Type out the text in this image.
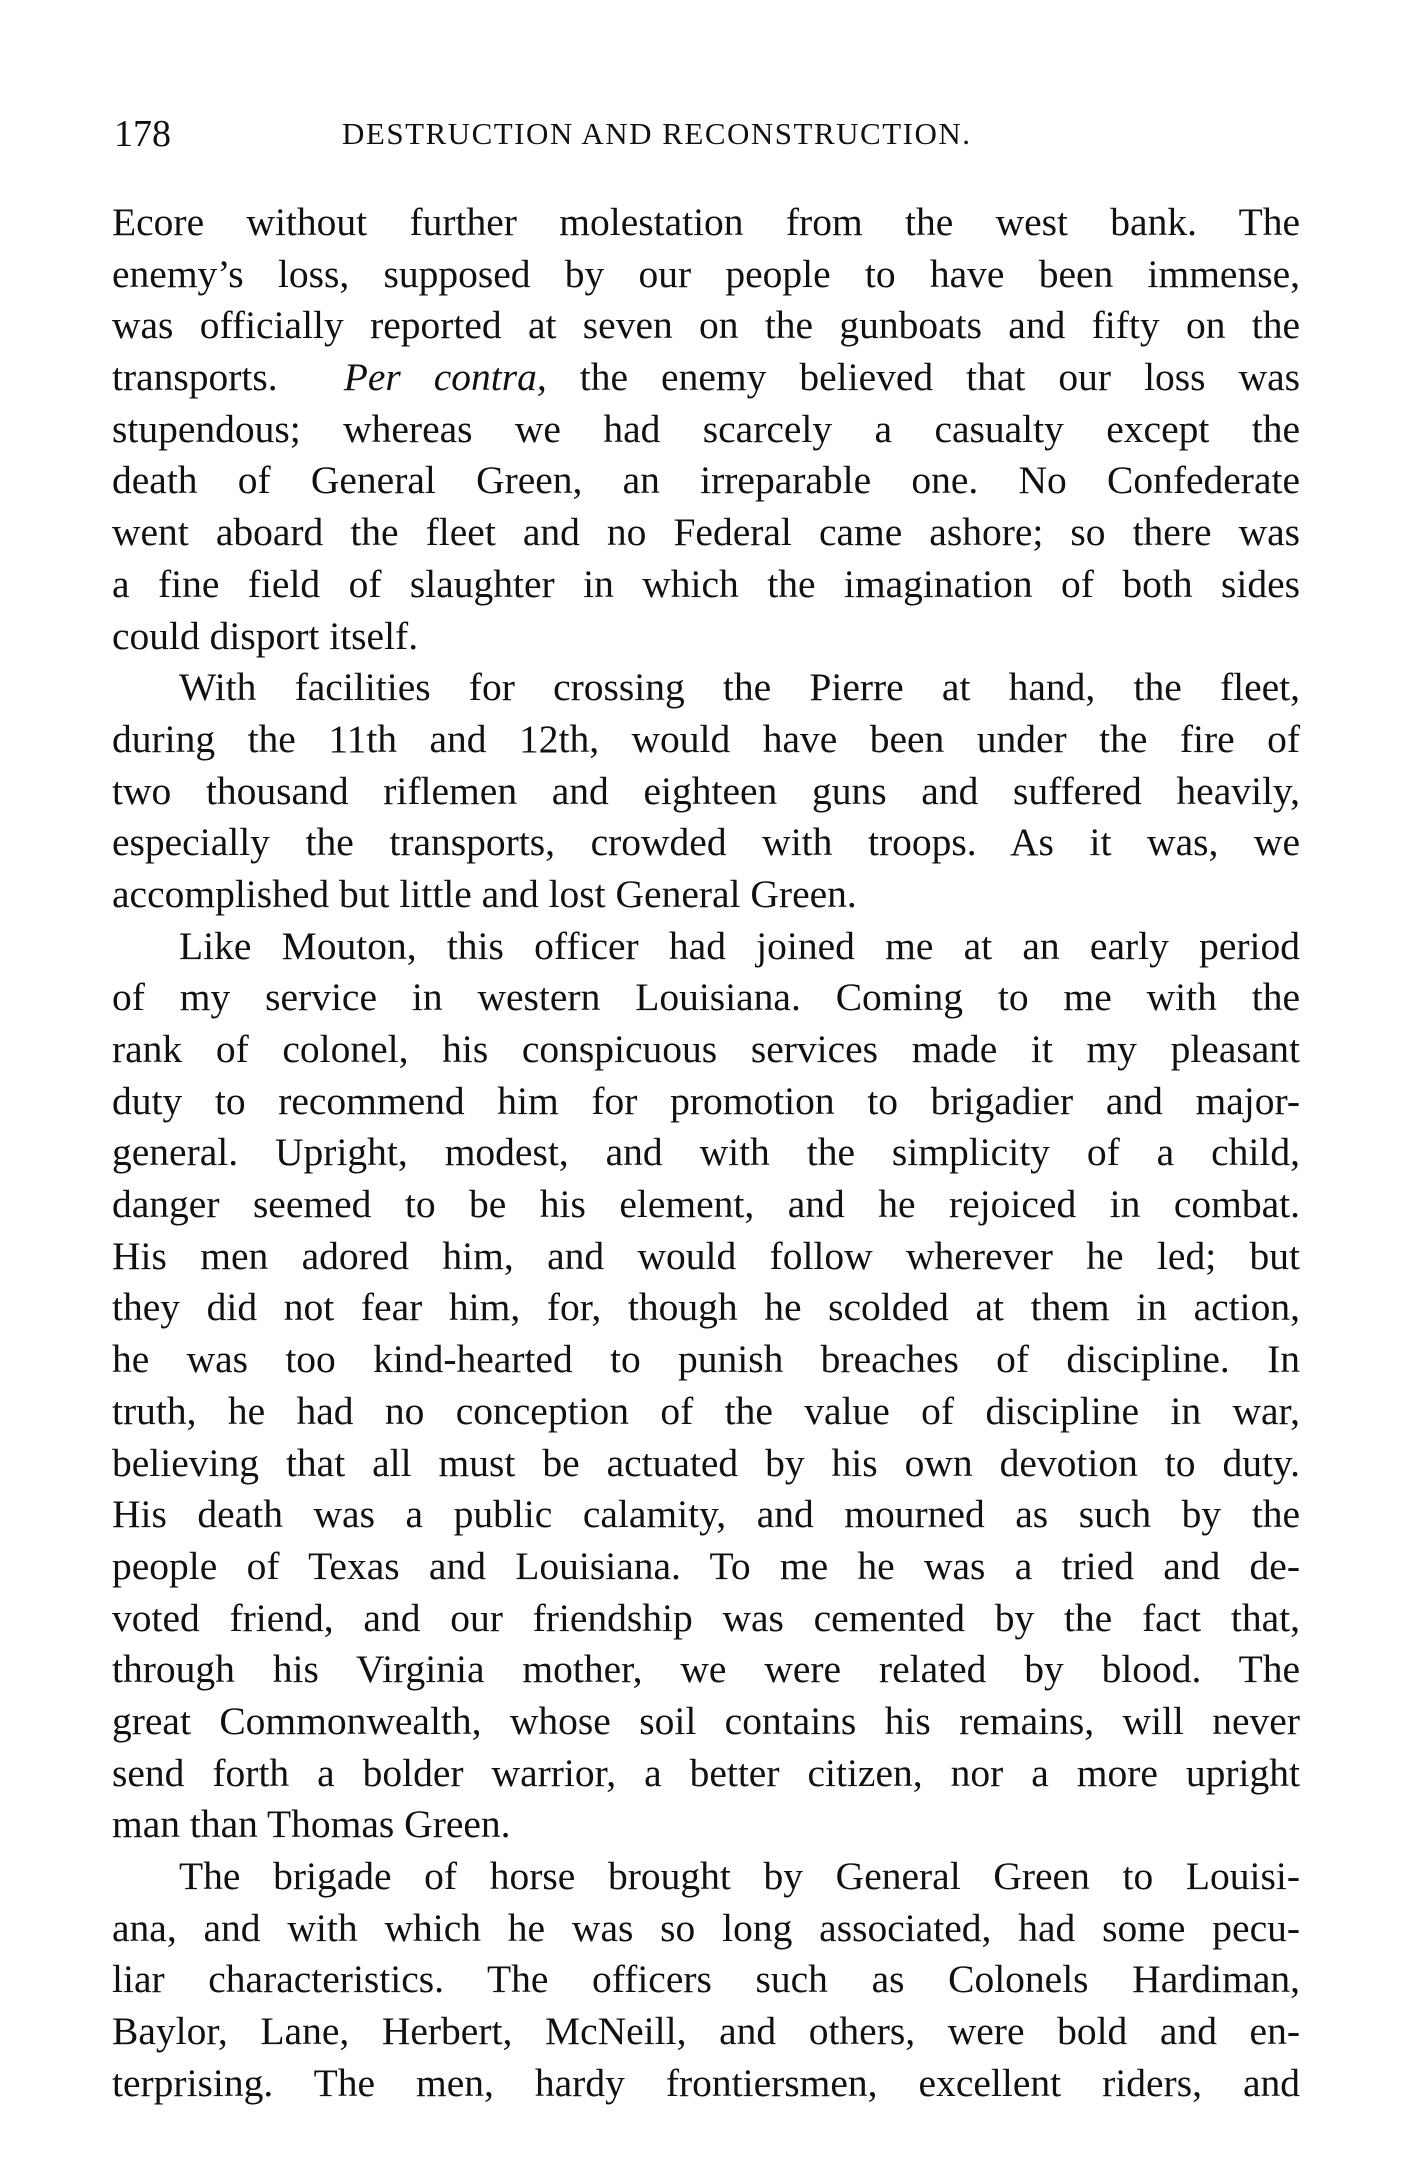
178	DESTRUCTION AND RECONSTRUCTION.
Ecore without further molestation from the west bank. The
enemy’s loss, supposed by our people to have been immense,
was officially reported at seven on the gunboats and fifty on the
transports.  Per contra, the enemy believed that our loss was
stupendous; whereas we had scarcely a casualty except the
death of General Green, an irreparable one. No Confederate
went aboard the fleet and no Federal came ashore; so there was
a fine field of slaughter in which the imagination of both sides
could disport itself.
With facilities for crossing the Pierre at hand, the fleet,
during the 11th and 12th, would have been under the fire of
two thousand riflemen and eighteen guns and suffered heavily,
especially the transports, crowded with troops. As it was, we
accomplished but little and lost General Green.
Like Mouton, this officer had joined me at an early period
of my service in western Louisiana. Coming to me with the
rank of colonel, his conspicuous services made it my pleasant
duty to recommend him for promotion to brigadier and major-
general. Upright, modest, and with the simplicity of a child,
danger seemed to be his element, and he rejoiced in combat.
His men adored him, and would follow wherever he led; but
they did not fear him, for, though he scolded at them in action,
he was too kind-hearted to punish breaches of discipline. In
truth, he had no conception of the value of discipline in war,
believing that all must be actuated by his own devotion to duty.
His death was a public calamity, and mourned as such by the
people of Texas and Louisiana. To me he was a tried and de-
voted friend, and our friendship was cemented by the fact that,
through his Virginia mother, we were related by blood. The
great Commonwealth, whose soil contains his remains, will never
send forth a bolder warrior, a better citizen, nor a more upright
man than Thomas Green.
The brigade of horse brought by General Green to Louisi-
ana, and with which he was so long associated, had some pecu-
liar characteristics. The officers such as Colonels Hardiman,
Baylor, Lane, Herbert, McNeill, and others, were bold and en-
terprising. The men, hardy frontiersmen, excellent riders, and
